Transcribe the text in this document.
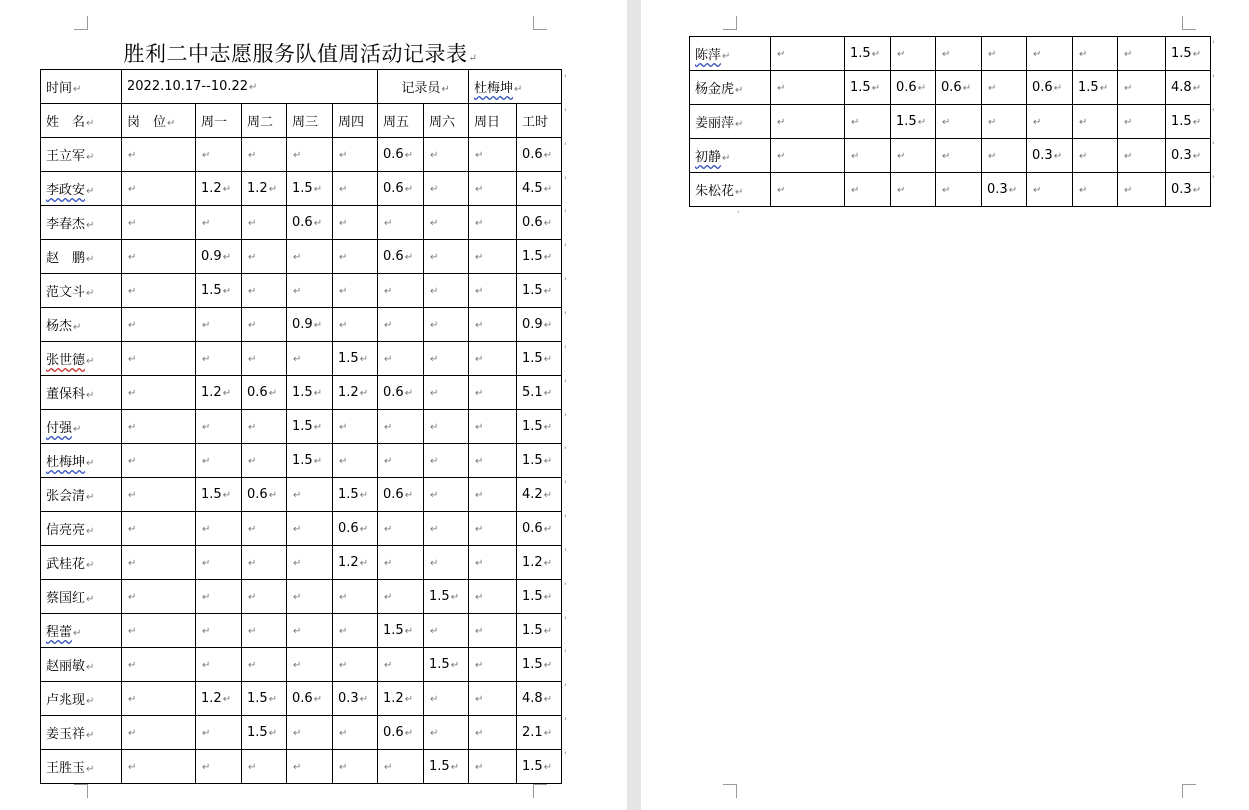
胜利二中志愿服务队值周活动记录表↵
时间↵	2022.10.17--10.22↵					记录员↵		杜梅坤↵	
姓　名↵	岗　位↵	周一	周二	周三	周四	周五	周六	周日	工时
王立军↵	↵	↵	↵	↵	↵	0.6↵	↵	↵	0.6↵
李政安↵	↵	1.2↵	1.2↵	1.5↵	↵	0.6↵	↵	↵	4.5↵
李春杰↵	↵	↵	↵	0.6↵	↵	↵	↵	↵	0.6↵
赵　鹏↵	↵	0.9↵	↵	↵	↵	0.6↵	↵	↵	1.5↵
范文斗↵	↵	1.5↵	↵	↵	↵	↵	↵	↵	1.5↵
杨杰↵	↵	↵	↵	0.9↵	↵	↵	↵	↵	0.9↵
张世德↵	↵	↵	↵	↵	1.5↵	↵	↵	↵	1.5↵
董保科↵	↵	1.2↵	0.6↵	1.5↵	1.2↵	0.6↵	↵	↵	5.1↵
付强↵	↵	↵	↵	1.5↵	↵	↵	↵	↵	1.5↵
杜梅坤↵	↵	↵	↵	1.5↵	↵	↵	↵	↵	1.5↵
张会清↵	↵	1.5↵	0.6↵	↵	1.5↵	0.6↵	↵	↵	4.2↵
信亮亮↵	↵	↵	↵	↵	0.6↵	↵	↵	↵	0.6↵
武桂花↵	↵	↵	↵	↵	1.2↵	↵	↵	↵	1.2↵
蔡国红↵	↵	↵	↵	↵	↵	↵	1.5↵	↵	1.5↵
程蕾↵	↵	↵	↵	↵	↵	1.5↵	↵	↵	1.5↵
赵丽敏↵	↵	↵	↵	↵	↵	↵	1.5↵	↵	1.5↵
卢兆现↵	↵	1.2↵	1.5↵	0.6↵	0.3↵	1.2↵	↵	↵	4.8↵
姜玉祥↵	↵	↵	1.5↵	↵	↵	0.6↵	↵	↵	2.1↵
王胜玉↵	↵	↵	↵	↵	↵	↵	1.5↵	↵	1.5↵
'
'
'
'
'
'
'
'
'
'
'
'
'
'
'
'
'
'
'
'
'
陈萍↵	↵	1.5↵	↵	↵	↵	↵	↵	↵	1.5↵
杨金虎↵	↵	1.5↵	0.6↵	0.6↵	↵	0.6↵	1.5↵	↵	4.8↵
姜丽萍↵	↵	↵	1.5↵	↵	↵	↵	↵	↵	1.5↵
初静↵	↵	↵	↵	↵	↵	0.3↵	↵	↵	0.3↵
朱松花↵	↵	↵	↵	↵	0.3↵	↵	↵	↵	0.3↵
'
'
'
'
'
'
